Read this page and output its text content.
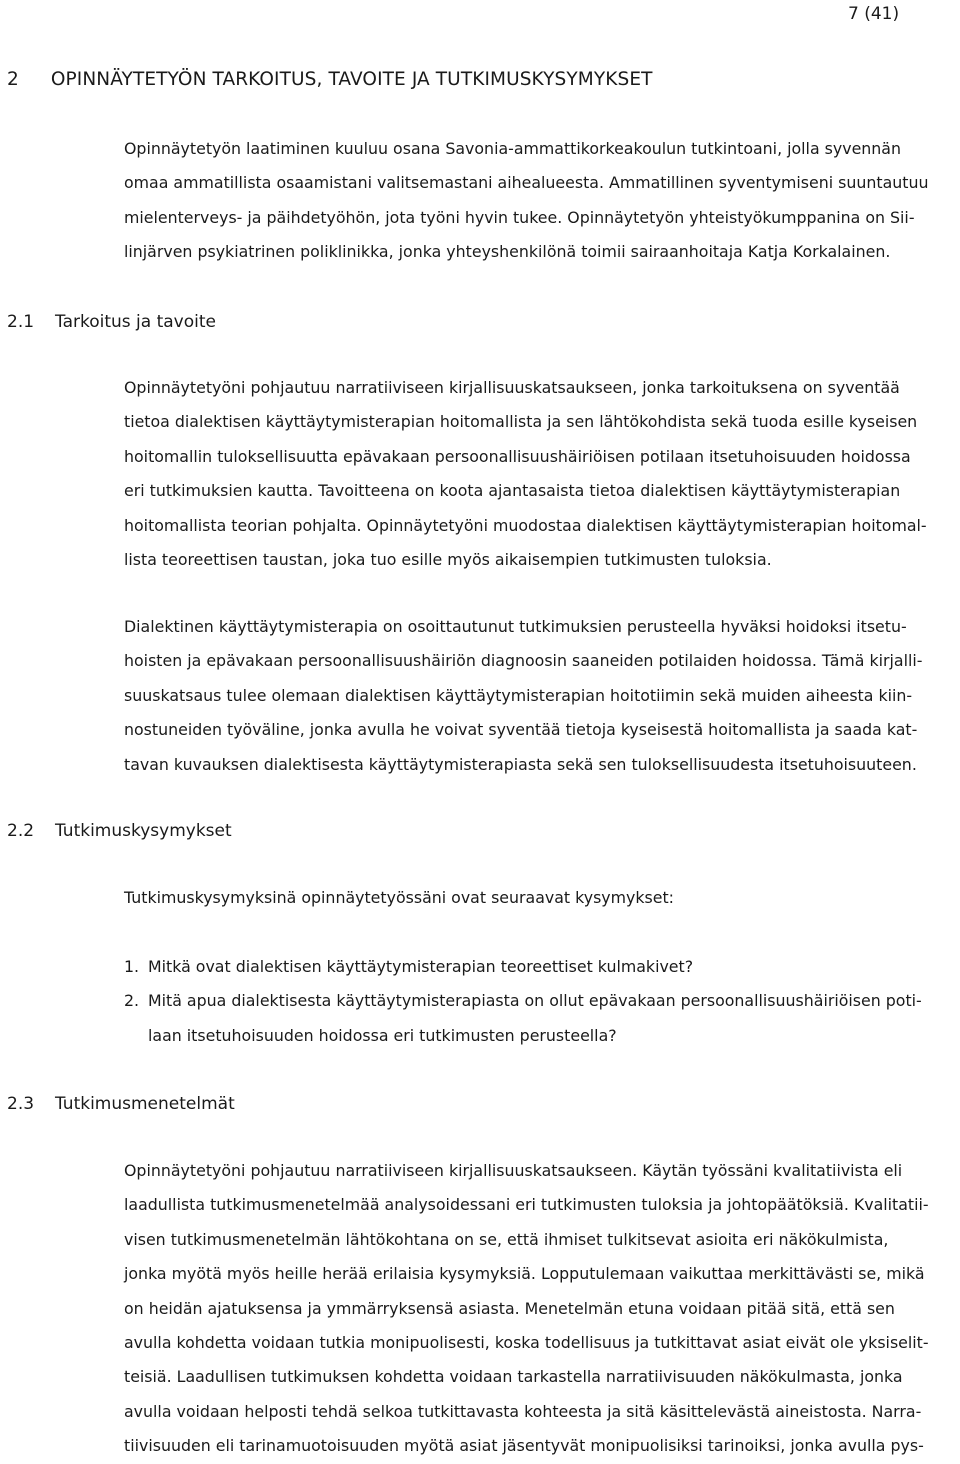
7 (41)
2 OPINNÄYTETYÖN TARKOITUS, TAVOITE JA TUTKIMUSKYSYMYKSET

Opinnäytetyön laatiminen kuuluu osana Savonia-ammattikorkeakoulun tutkintoani, jolla syvennän
omaa ammatillista osaamistani valitsemastani aihealueesta. Ammatillinen syventymiseni suuntautuu
mielenterveys- ja päihdetyöhön, jota työni hyvin tukee. Opinnäytetyön yhteistyökumppanina on Sii-
linjärven psykiatrinen poliklinikka, jonka yhteyshenkilönä toimii sairaanhoitaja Katja Korkalainen.

2.1 Tarkoitus ja tavoite

Opinnäytetyöni pohjautuu narratiiviseen kirjallisuuskatsaukseen, jonka tarkoituksena on syventää
tietoa dialektisen käyttäytymisterapian hoitomallista ja sen lähtökohdista sekä tuoda esille kyseisen
hoitomallin tuloksellisuutta epävakaan persoonallisuushäiriöisen potilaan itsetuhoisuuden hoidossa
eri tutkimuksien kautta. Tavoitteena on koota ajantasaista tietoa dialektisen käyttäytymisterapian
hoitomallista teorian pohjalta. Opinnäytetyöni muodostaa dialektisen käyttäytymisterapian hoitomal-
lista teoreettisen taustan, joka tuo esille myös aikaisempien tutkimusten tuloksia.

Dialektinen käyttäytymisterapia on osoittautunut tutkimuksien perusteella hyväksi hoidoksi itsetu-
hoisten ja epävakaan persoonallisuushäiriön diagnoosin saaneiden potilaiden hoidossa. Tämä kirjalli-
suuskatsaus tulee olemaan dialektisen käyttäytymisterapian hoitotiimin sekä muiden aiheesta kiin-
nostuneiden työväline, jonka avulla he voivat syventää tietoja kyseisestä hoitomallista ja saada kat-
tavan kuvauksen dialektisesta käyttäytymisterapiasta sekä sen tuloksellisuudesta itsetuhoisuuteen.

2.2 Tutkimuskysymykset

Tutkimuskysymyksinä opinnäytetyössäni ovat seuraavat kysymykset:

1. Mitkä ovat dialektisen käyttäytymisterapian teoreettiset kulmakivet?
2. Mitä apua dialektisesta käyttäytymisterapiasta on ollut epävakaan persoonallisuushäiriöisen poti-
laan itsetuhoisuuden hoidossa eri tutkimusten perusteella?
2.3 Tutkimusmenetelmät

Opinnäytetyöni pohjautuu narratiiviseen kirjallisuuskatsaukseen. Käytän työssäni kvalitatiivista eli
laadullista tutkimusmenetelmää analysoidessani eri tutkimusten tuloksia ja johtopäätöksiä. Kvalitatii-
visen tutkimusmenetelmän lähtökohtana on se, että ihmiset tulkitsevat asioita eri näkökulmista,
jonka myötä myös heille herää erilaisia kysymyksiä. Lopputulemaan vaikuttaa merkittävästi se, mikä
on heidän ajatuksensa ja ymmärryksensä asiasta. Menetelmän etuna voidaan pitää sitä, että sen
avulla kohdetta voidaan tutkia monipuolisesti, koska todellisuus ja tutkittavat asiat eivät ole yksiselit-
teisiä. Laadullisen tutkimuksen kohdetta voidaan tarkastella narratiivisuuden näkökulmasta, jonka
avulla voidaan helposti tehdä selkoa tutkittavasta kohteesta ja sitä käsittelevästä aineistosta. Narra-
tiivisuuden eli tarinamuotoisuuden myötä asiat jäsentyvät monipuolisiksi tarinoiksi, jonka avulla pys-
